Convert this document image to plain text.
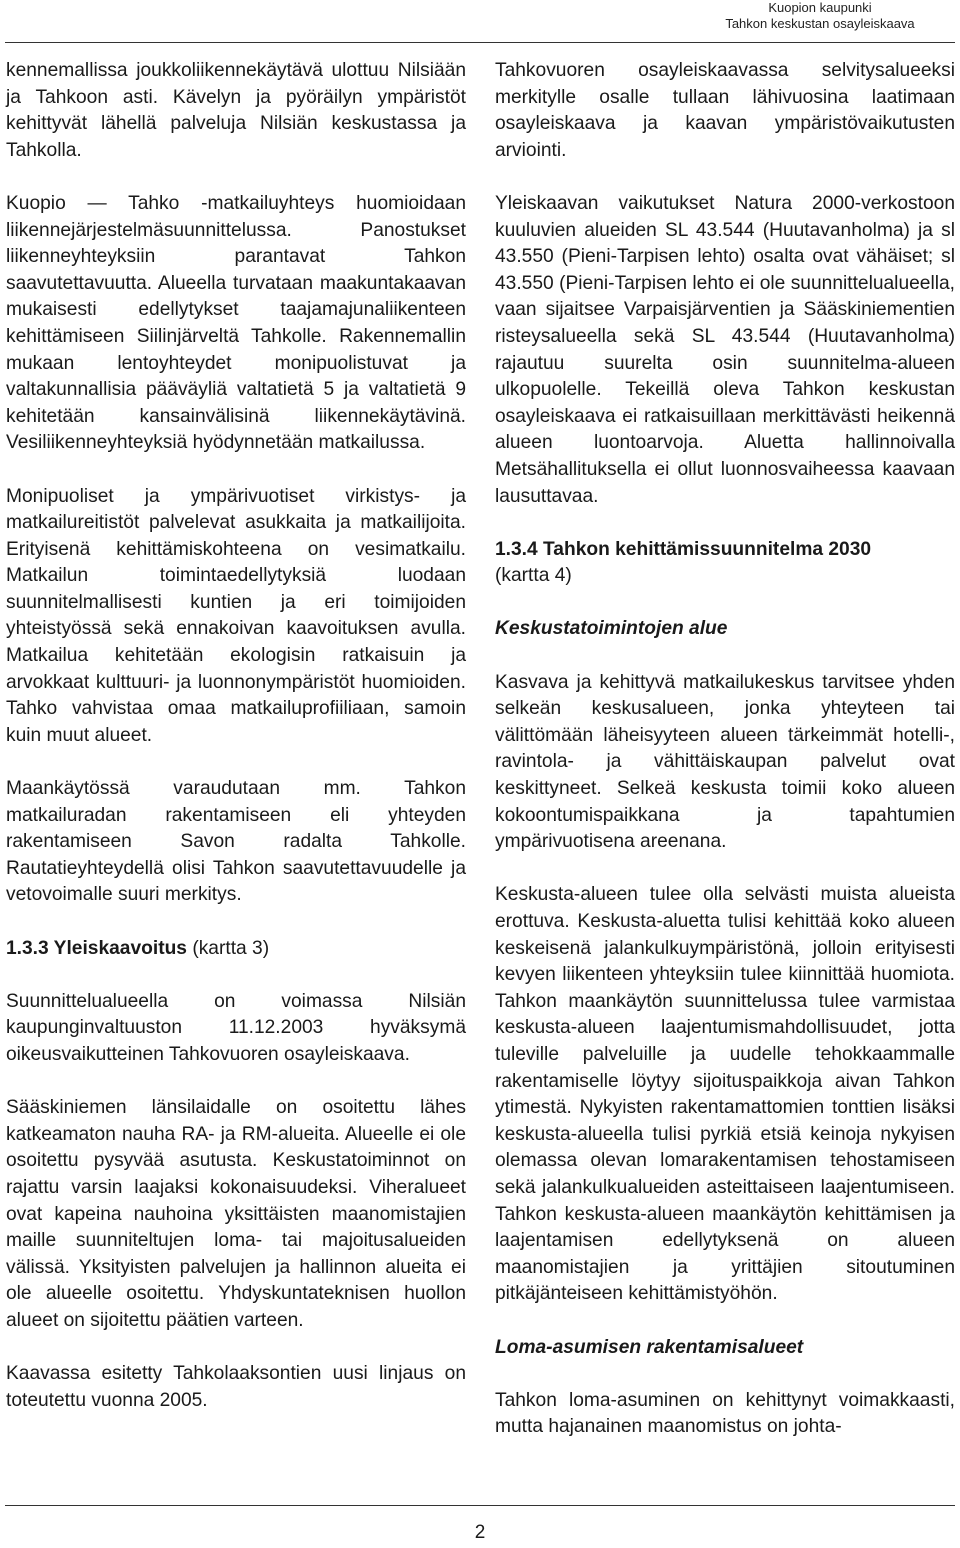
Kuopion kaupunki
Tahkon keskustan osayleiskaava

kennemallissa joukkoliikennekäytävä ulottuu Nilsiään ja Tahkoon asti. Kävelyn ja pyöräilyn ympäristöt kehittyvät lähellä palveluja Nilsiän keskustassa ja Tahkolla.

Kuopio — Tahko -matkailuyhteys huomioidaan liikennejärjestelmäsuunnittelussa. Panostukset liikenneyhteyksiin parantavat Tahkon saavutettavuutta. Alueella turvataan maakuntakaavan mukaisesti edellytykset taajamajunaliikenteen kehittämiseen Siilinjärveltä Tahkolle. Rakennemallin mukaan lentoyhteydet monipuolistuvat ja valtakunnallisia pääväyliä valtatietä 5 ja valtatietä 9 kehitetään kansainvälisinä liikennekäytävinä. Vesiliikenneyhteyksiä hyödynnetään matkailussa.

Monipuoliset ja ympärivuotiset virkistys- ja matkailureitistöt palvelevat asukkaita ja matkailijoita. Erityisenä kehittämiskohteena on vesimatkailu. Matkailun toimintaedellytyksiä luodaan suunnitelmallisesti kuntien ja eri toimijoiden yhteistyössä sekä ennakoivan kaavoituksen avulla. Matkailua kehitetään ekologisin ratkaisuin ja arvokkaat kulttuuri- ja luonnonympäristöt huomioiden. Tahko vahvistaa omaa matkailuprofiiliaan, samoin kuin muut alueet.

Maankäytössä varaudutaan mm. Tahkon matkailuradan rakentamiseen eli yhteyden rakentamiseen Savon radalta Tahkolle. Rautatieyhteydellä olisi Tahkon saavutettavuudelle ja vetovoimalle suuri merkitys.

1.3.3 Yleiskaavoitus (kartta 3)

Suunnittelualueella on voimassa Nilsiän kaupunginvaltuuston 11.12.2003 hyväksymä oikeusvaikutteinen Tahkovuoren osayleiskaava.

Sääskiniemen länsilaidalle on osoitettu lähes katkeamaton nauha RA- ja RM-alueita. Alueelle ei ole osoitettu pysyvää asutusta. Keskustatoiminnot on rajattu varsin laajaksi kokonaisuudeksi. Viheralueet ovat kapeina nauhoina yksittäisten maanomistajien maille suunniteltujen loma- tai majoitusalueiden välissä. Yksityisten palvelujen ja hallinnon alueita ei ole alueelle osoitettu. Yhdyskuntateknisen huollon alueet on sijoitettu päätien varteen.

Kaavassa esitetty Tahkolaaksontien uusi linjaus on toteutettu vuonna 2005.

Tahkovuoren osayleiskaavassa selvitysalueeksi merkitylle osalle tullaan lähivuosina laatimaan osayleiskaava ja kaavan ympäristövaikutusten arviointi.

Yleiskaavan vaikutukset Natura 2000-verkostoon kuuluvien alueiden SL 43.544 (Huutavanholma) ja sl 43.550 (Pieni-Tarpisen lehto) osalta ovat vähäiset; sl 43.550 (Pieni-Tarpisen lehto ei ole suunnittelualueella, vaan sijaitsee Varpaisjärventien ja Sääskiniementien risteysalueella sekä SL 43.544 (Huutavanholma) rajautuu suurelta osin suunnitelma-alueen ulkopuolelle. Tekeillä oleva Tahkon keskustan osayleiskaava ei ratkaisuillaan merkittävästi heikennä alueen luontoarvoja. Aluetta hallinnoivalla Metsähallituksella ei ollut luonnosvaiheessa kaavaan lausuttavaa.

1.3.4 Tahkon kehittämissuunnitelma 2030
(kartta 4)
Keskustatoimintojen alue

Kasvava ja kehittyvä matkailukeskus tarvitsee yhden selkeän keskusalueen, jonka yhteyteen tai välittömään läheisyyteen alueen tärkeimmät hotelli-, ravintola- ja vähittäiskaupan palvelut ovat keskittyneet. Selkeä keskusta toimii koko alueen kokoontumispaikkana ja tapahtumien ympärivuotisena areenana.

Keskusta-alueen tulee olla selvästi muista alueista erottuva. Keskusta-aluetta tulisi kehittää koko alueen keskeisenä jalankulkuympäristönä, jolloin erityisesti kevyen liikenteen yhteyksiin tulee kiinnittää huomiota. Tahkon maankäytön suunnittelussa tulee varmistaa keskusta-alueen laajentumismahdollisuudet, jotta tuleville palveluille ja uudelle tehokkaammalle rakentamiselle löytyy sijoituspaikkoja aivan Tahkon ytimestä. Nykyisten rakentamattomien tonttien lisäksi keskusta-alueella tulisi pyrkiä etsiä keinoja nykyisen olemassa olevan lomarakentamisen tehostamiseen sekä jalankulkualueiden asteittaiseen laajentumiseen. Tahkon keskusta-alueen maankäytön kehittämisen ja laajentamisen edellytyksenä on alueen maanomistajien ja yrittäjien sitoutuminen pitkäjänteiseen kehittämistyöhön.

Loma-asumisen rakentamisalueet

Tahkon loma-asuminen on kehittynyt voimakkaasti, mutta hajanainen maanomistus on johta-

2
